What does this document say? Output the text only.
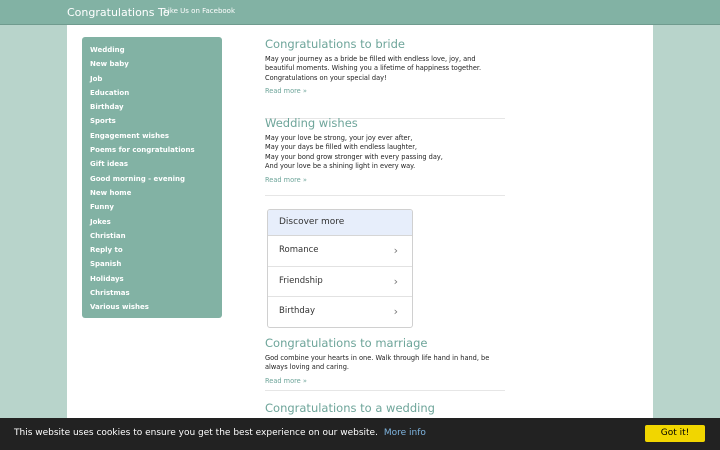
Congratulations To
Like Us on Facebook
Wedding
New baby
Job
Education
Birthday
Sports
Engagement wishes
Poems for congratulations
Gift ideas
Good morning - evening
New home
Funny
Jokes
Christian
Reply to
Spanish
Holidays
Christmas
Various wishes
Congratulations to bride

May your journey as a bride be filled with endless love, joy, and
beautiful moments. Wishing you a lifetime of happiness together.
Congratulations on your special day!

Read more »
Wedding wishes

May your love be strong, your joy ever after,
May your days be filled with endless laughter,
May your bond grow stronger with every passing day,
And your love be a shining light in every way.

Read more »
Congratulations to marriage

God combine your hearts in one. Walk through life hand in hand, be
always loving and caring.

Read more »
Congratulations to a wedding
Discover more
Romance	›
Friendship	›
Birthday	›
This website uses cookies to ensure you get the best experience on our website. More info	Got it!
